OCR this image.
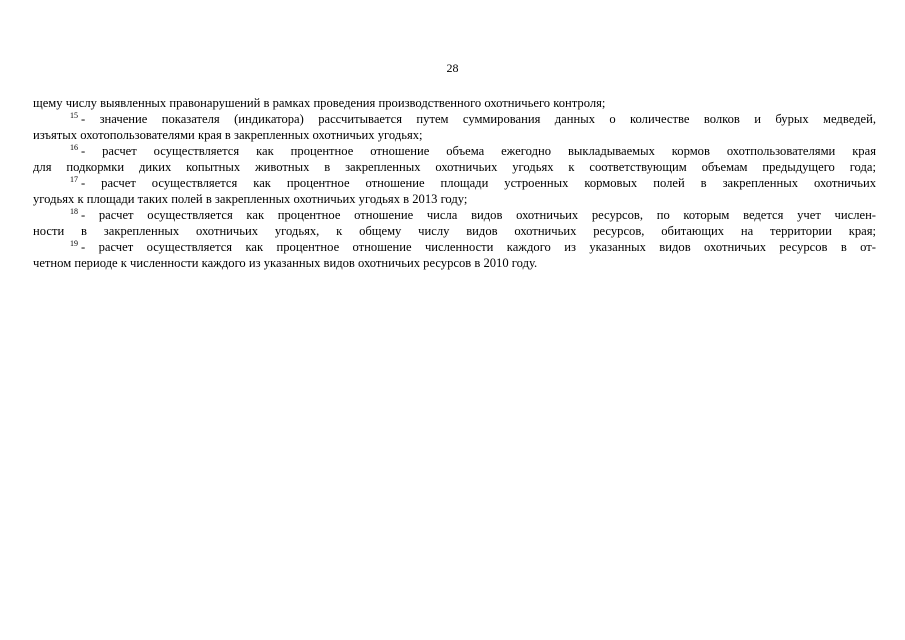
28
щему числу выявленных правонарушений в рамках проведения производственного охотничьего контроля;
$^{15}$ - значение показателя (индикатора) рассчитывается путем суммирования данных о количестве волков и бурых медведей,
изъятых охотопользователями края в закрепленных охотничьих угодьях;
$^{16}$ - расчет осуществляется как процентное отношение объема ежегодно выкладываемых кормов охотпользователями края
для подкормки диких копытных животных в закрепленных охотничьих угодьях к соответствующим объемам предыдущего года;
$^{17}$ - расчет осуществляется как процентное отношение площади устроенных кормовых полей в закрепленных охотничьих
угодьях к площади таких полей в закрепленных охотничьих угодьях в 2013 году;
$^{18}$ - расчет осуществляется как процентное отношение числа видов охотничьих ресурсов, по которым ведется учет числен-
ности в закрепленных охотничьих угодьях, к общему числу видов охотничьих ресурсов, обитающих на территории края;
$^{19}$ - расчет осуществляется как процентное отношение численности каждого из указанных видов охотничьих ресурсов в от-
четном периоде к численности каждого из указанных видов охотничьих ресурсов в 2010 году.
